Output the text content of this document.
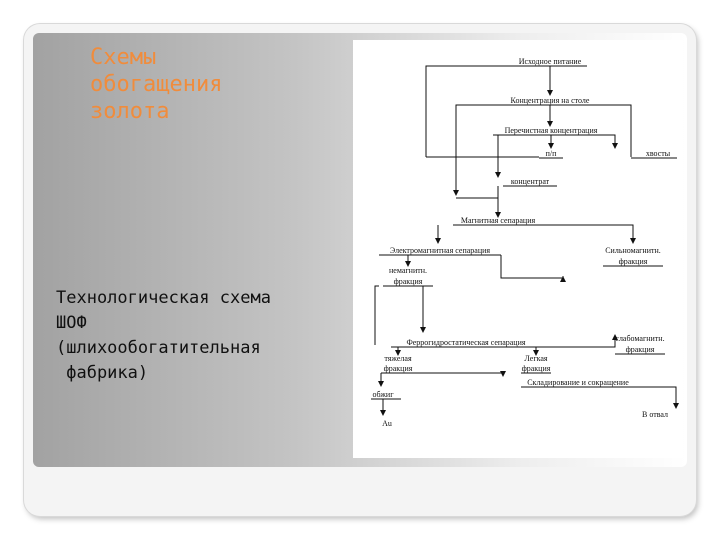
Схемы
обогащения
золота
Технологическая схема
ШОФ
(шлихообогатительная
фабрика)
Исходное питание
Концентрация на столе
Перечистная концентрация
п/п	хвосты
концентрат
Магнитная сепарация
Электромагнитная сепарация	Сильномагнитн.
фракция
немагнитн.
фракция
Феррогидростатическая сепарация	слабомагнитн.
фракция
тяжелая
фракция
Легкая
фракция
Складирование и сокращение
обжиг
Au
В отвал
